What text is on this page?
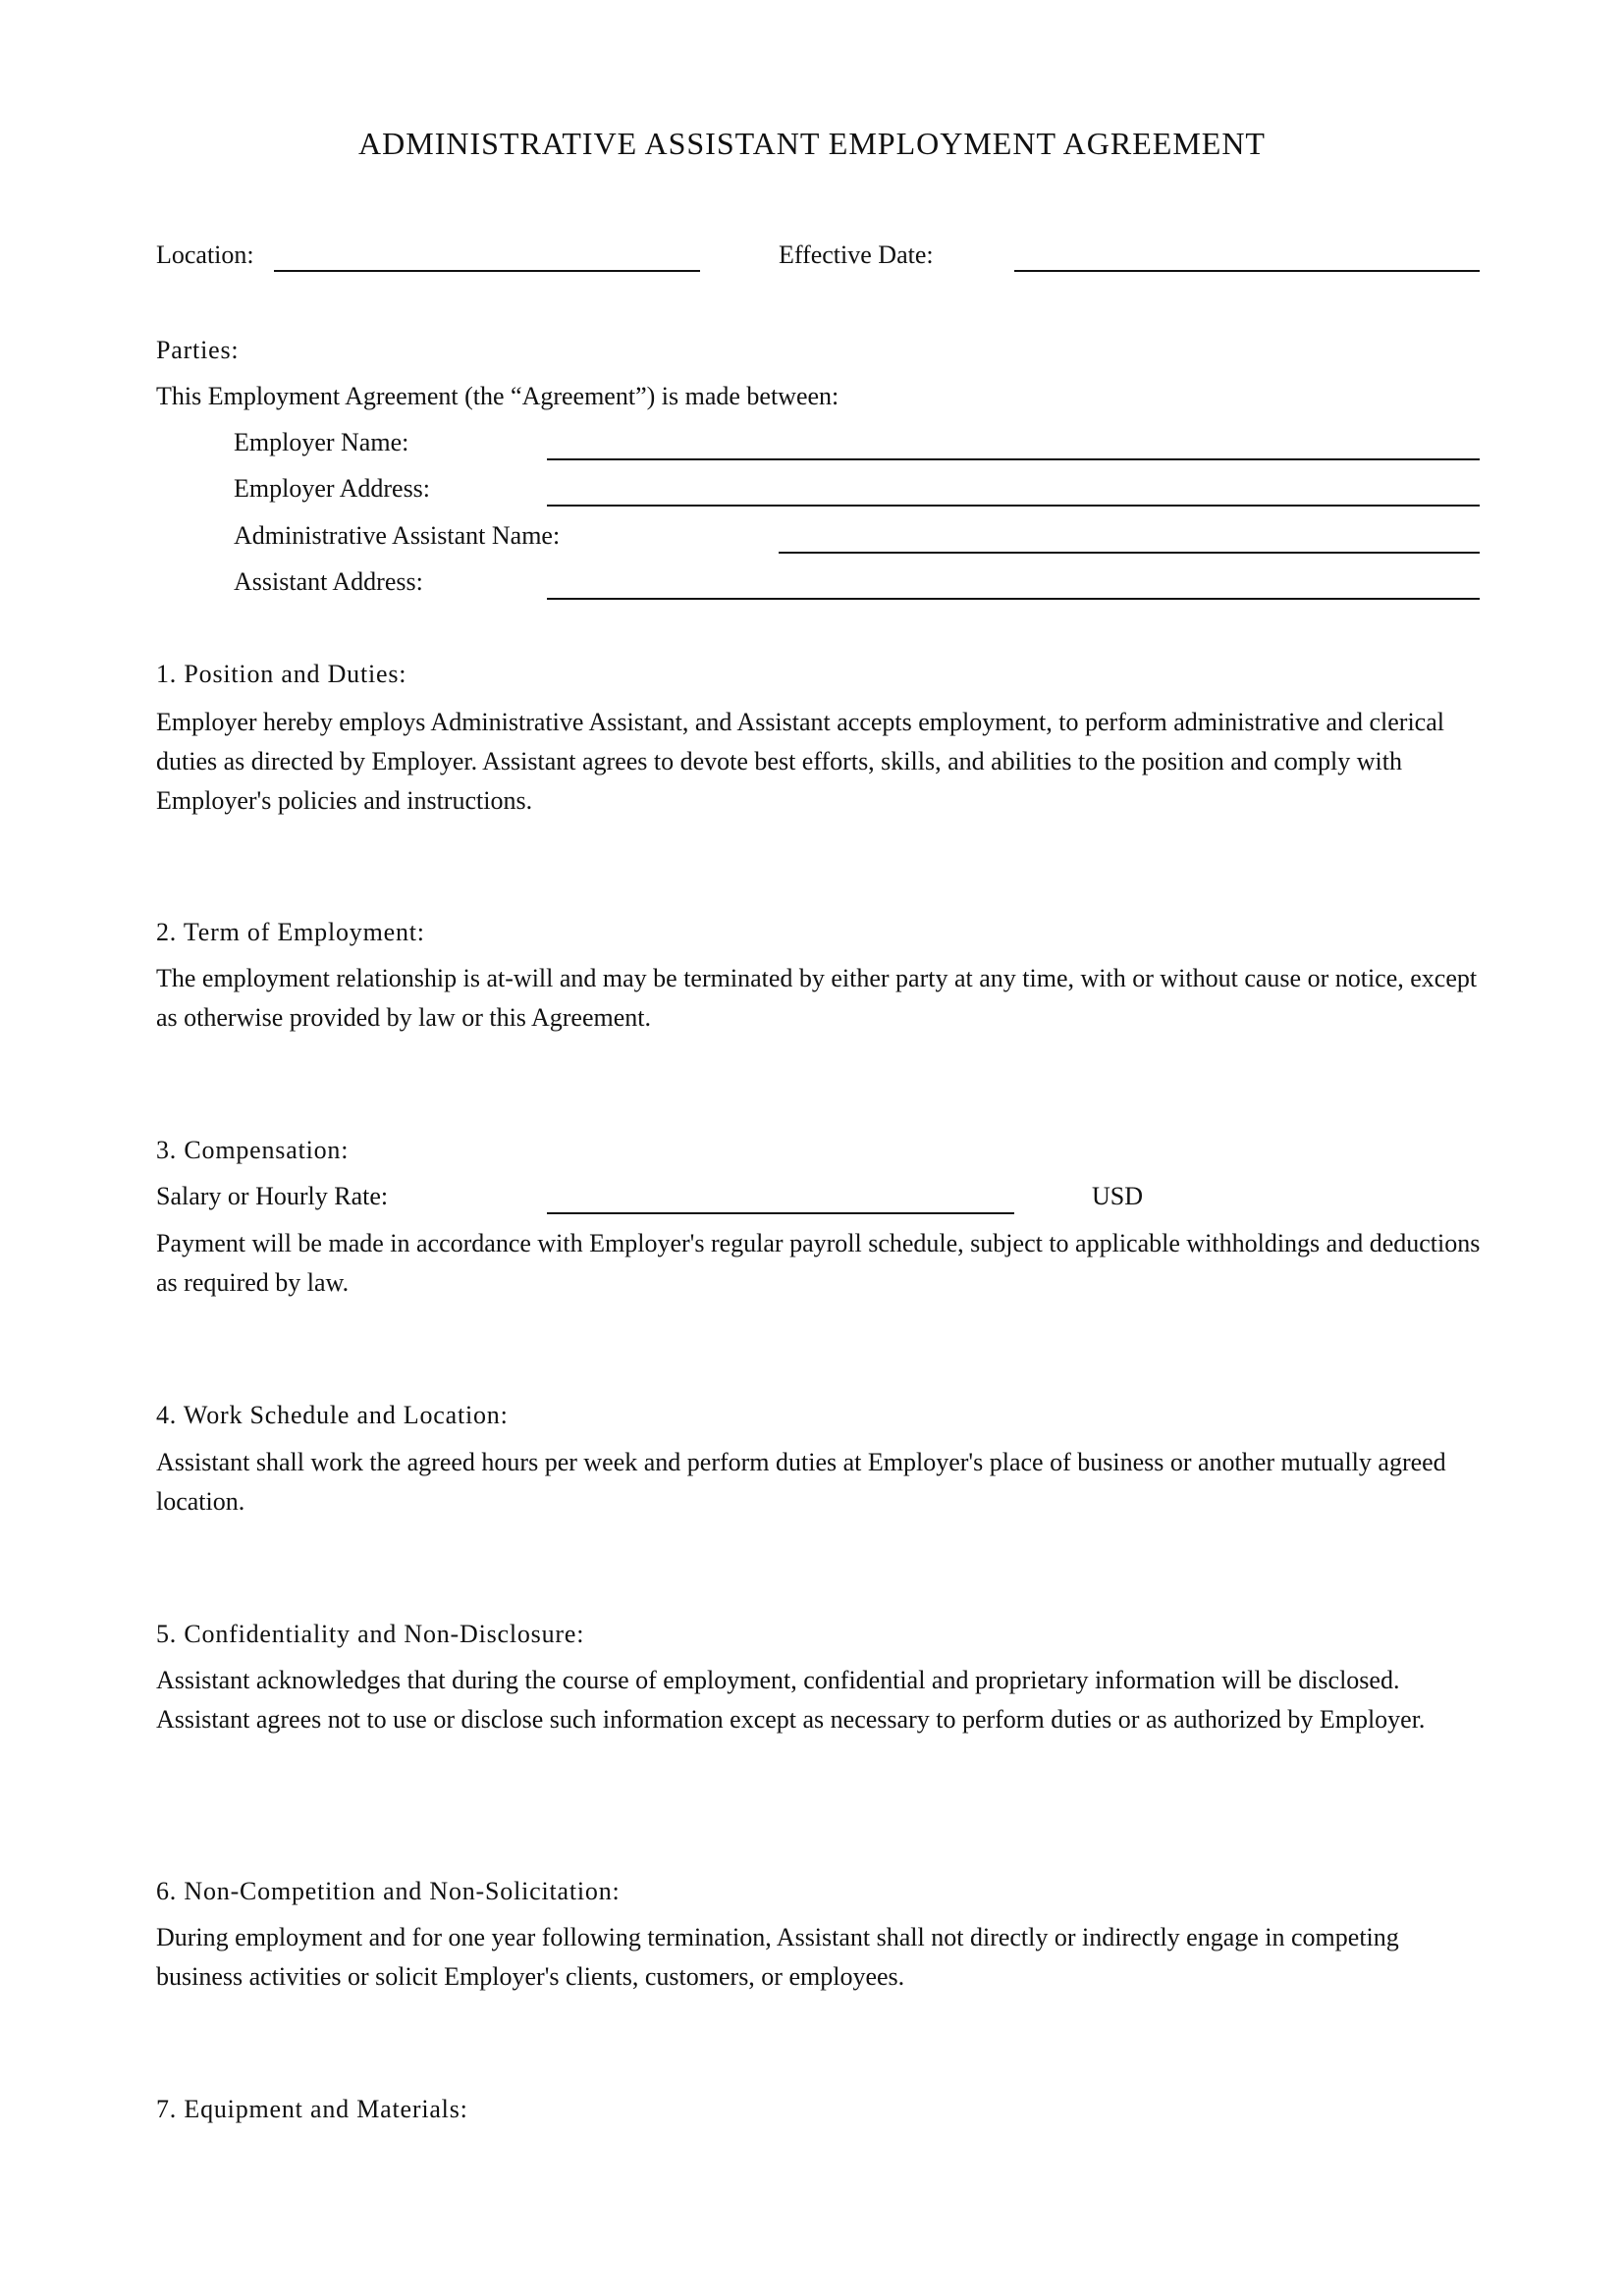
ADMINISTRATIVE ASSISTANT EMPLOYMENT AGREEMENT
Location:	Effective Date:
Parties:
This Employment Agreement (the “Agreement”) is made between:
Employer Name:
Employer Address:
Administrative Assistant Name:
Assistant Address:
1. Position and Duties:
Employer hereby employs Administrative Assistant, and Assistant accepts employment, to perform administrative and clerical duties as directed by Employer. Assistant agrees to devote best efforts, skills, and abilities to the position and comply with Employer's policies and instructions.
2. Term of Employment:
The employment relationship is at-will and may be terminated by either party at any time, with or without cause or notice, except as otherwise provided by law or this Agreement.
3. Compensation:
Salary or Hourly Rate:	USD
Payment will be made in accordance with Employer's regular payroll schedule, subject to applicable withholdings and deductions as required by law.
4. Work Schedule and Location:
Assistant shall work the agreed hours per week and perform duties at Employer's place of business or another mutually agreed location.
5. Confidentiality and Non-Disclosure:
Assistant acknowledges that during the course of employment, confidential and proprietary information will be disclosed. Assistant agrees not to use or disclose such information except as necessary to perform duties or as authorized by Employer.
6. Non-Competition and Non-Solicitation:
During employment and for one year following termination, Assistant shall not directly or indirectly engage in competing business activities or solicit Employer's clients, customers, or employees.
7. Equipment and Materials:
